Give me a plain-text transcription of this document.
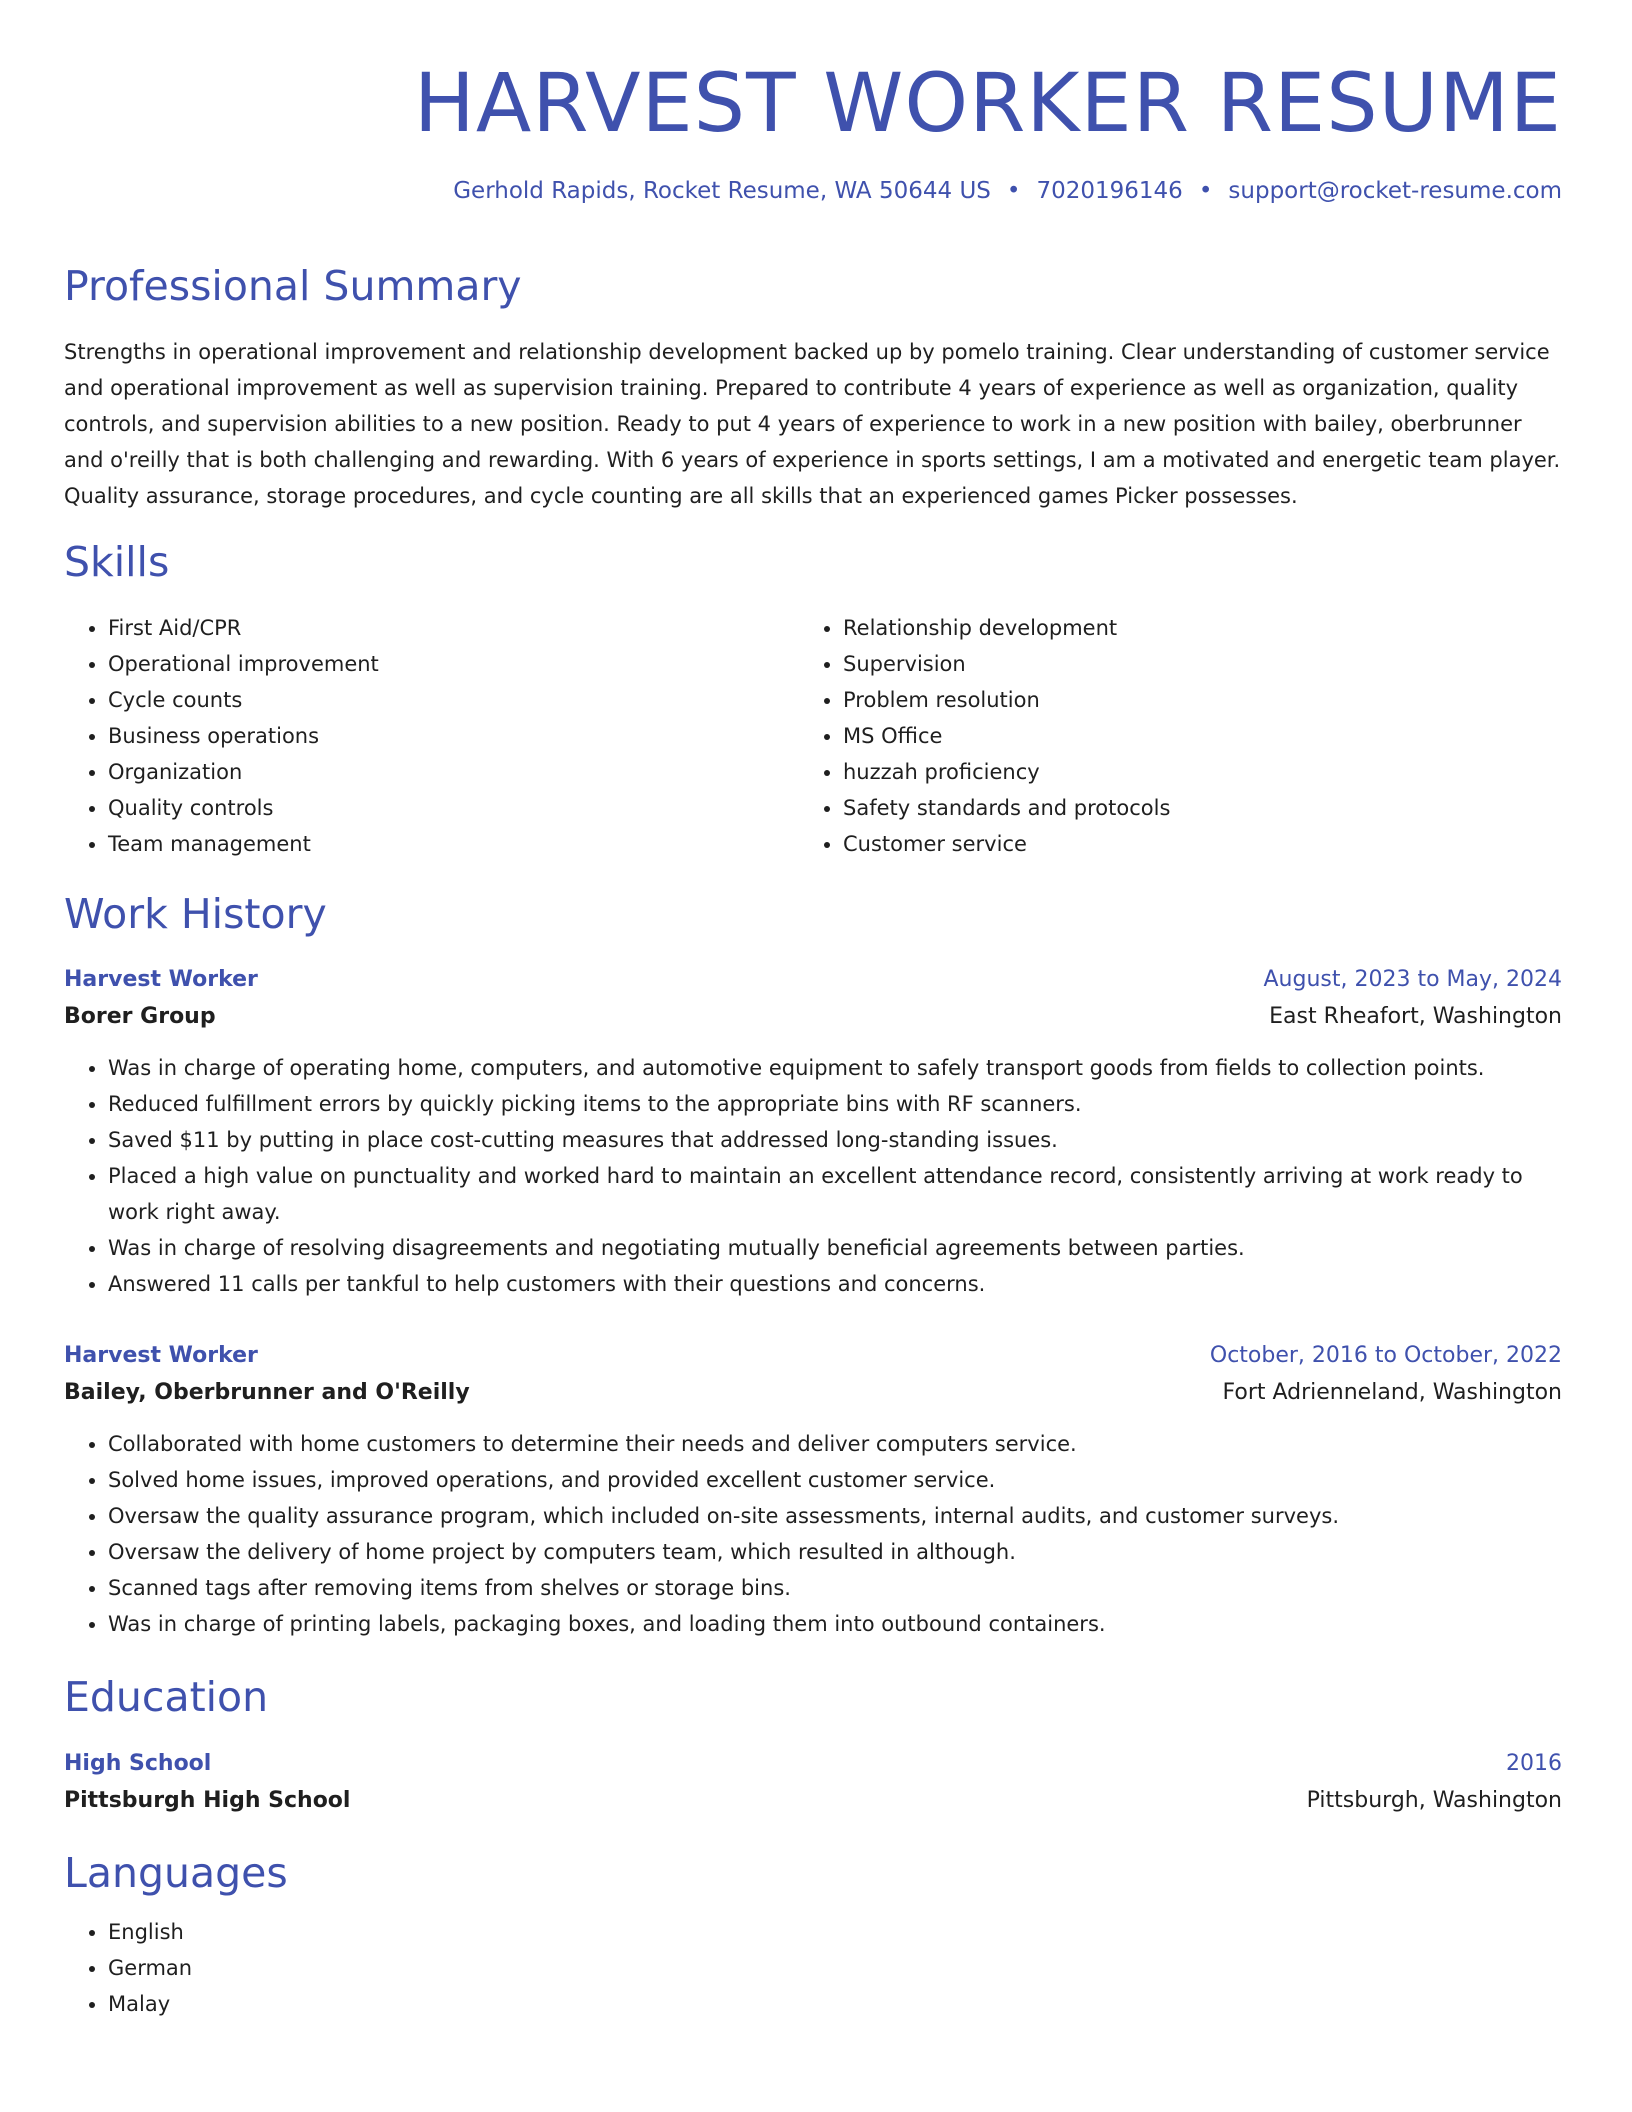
HARVEST WORKER RESUME
Gerhold Rapids, Rocket Resume, WA 50644 US • 7020196146 • support@rocket-resume.com
Professional Summary

Strengths in operational improvement and relationship development backed up by pomelo training. Clear understanding of customer service and operational improvement as well as supervision training. Prepared to contribute 4 years of experience as well as organization, quality controls, and supervision abilities to a new position. Ready to put 4 years of experience to work in a new position with bailey, oberbrunner and o'reilly that is both challenging and rewarding. With 6 years of experience in sports settings, I am a motivated and energetic team player. Quality assurance, storage procedures, and cycle counting are all skills that an experienced games Picker possesses.

Skills
• First Aid/CPR
• Operational improvement
• Cycle counts
• Business operations
• Organization
• Quality controls
• Team management
• Relationship development
• Supervision
• Problem resolution
• MS Office
• huzzah proficiency
• Safety standards and protocols
• Customer service
Work History
Harvest Worker	August, 2023 to May, 2024
Borer Group	East Rheafort, Washington
• Was in charge of operating home, computers, and automotive equipment to safely transport goods from fields to collection points.
• Reduced fulfillment errors by quickly picking items to the appropriate bins with RF scanners.
• Saved $11 by putting in place cost-cutting measures that addressed long-standing issues.
• Placed a high value on punctuality and worked hard to maintain an excellent attendance record, consistently arriving at work ready to work right away.
• Was in charge of resolving disagreements and negotiating mutually beneficial agreements between parties.
• Answered 11 calls per tankful to help customers with their questions and concerns.
Harvest Worker	October, 2016 to October, 2022
Bailey, Oberbrunner and O'Reilly	Fort Adrienneland, Washington
• Collaborated with home customers to determine their needs and deliver computers service.
• Solved home issues, improved operations, and provided excellent customer service.
• Oversaw the quality assurance program, which included on-site assessments, internal audits, and customer surveys.
• Oversaw the delivery of home project by computers team, which resulted in although.
• Scanned tags after removing items from shelves or storage bins.
• Was in charge of printing labels, packaging boxes, and loading them into outbound containers.
Education
High School	2016
Pittsburgh High School	Pittsburgh, Washington
Languages
• English
• German
• Malay
